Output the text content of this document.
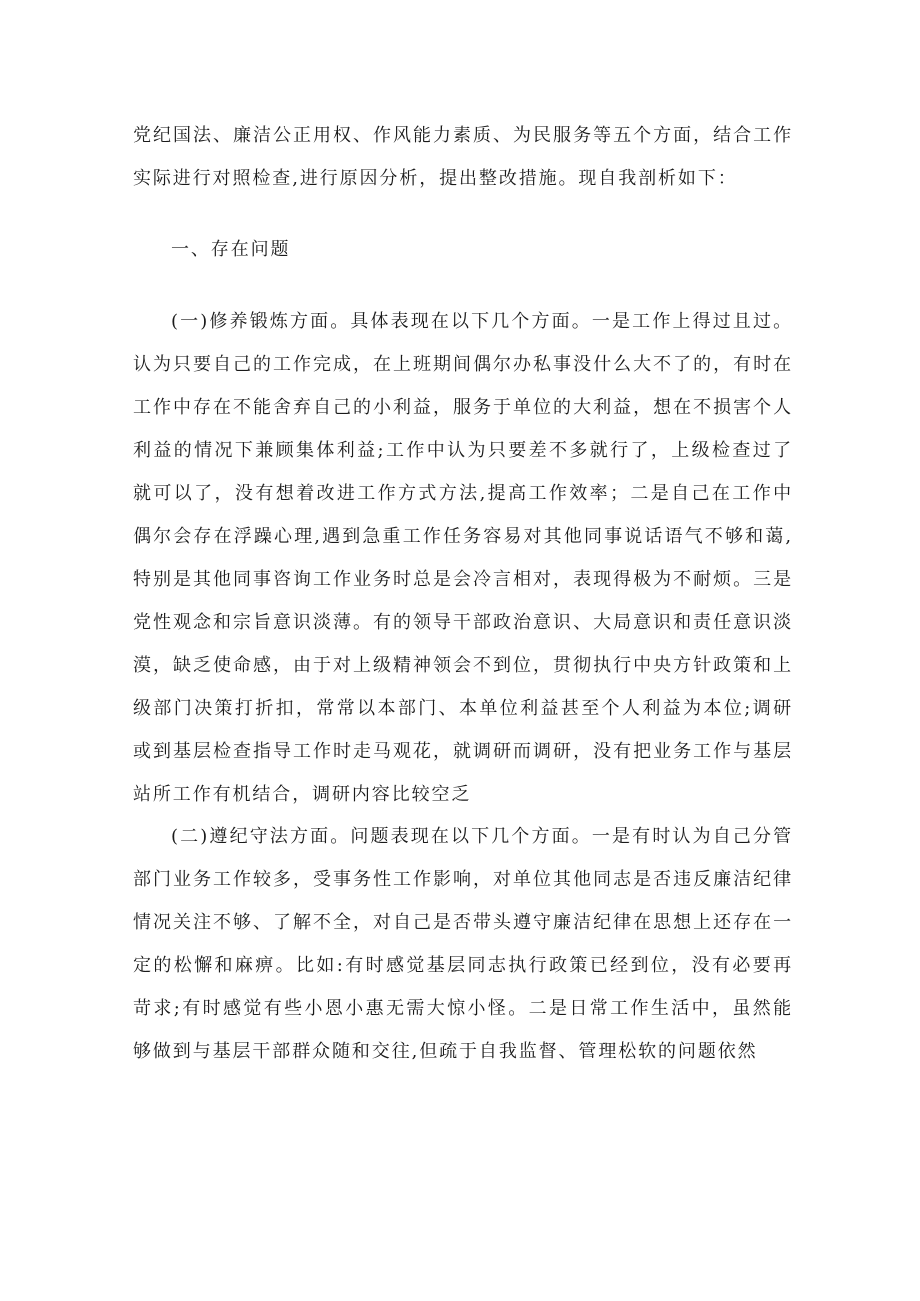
党纪国法、廉洁公正用权、作风能力素质、为民服务等五个方面，结合工作实际进行对照检查,进行原因分析，提出整改措施。现自我剖析如下：

一、存在问题

(一)修养锻炼方面。具体表现在以下几个方面。一是工作上得过且过。认为只要自己的工作完成，在上班期间偶尔办私事没什么大不了的，有时在工作中存在不能舍弃自己的小利益，服务于单位的大利益，想在不损害个人利益的情况下兼顾集体利益;工作中认为只要差不多就行了，上级检查过了就可以了，没有想着改进工作方式方法,提高工作效率；二是自己在工作中偶尔会存在浮躁心理,遇到急重工作任务容易对其他同事说话语气不够和蔼,特别是其他同事咨询工作业务时总是会冷言相对，表现得极为不耐烦。三是党性观念和宗旨意识淡薄。有的领导干部政治意识、大局意识和责任意识淡漠，缺乏使命感，由于对上级精神领会不到位，贯彻执行中央方针政策和上级部门决策打折扣，常常以本部门、本单位利益甚至个人利益为本位;调研或到基层检查指导工作时走马观花，就调研而调研，没有把业务工作与基层站所工作有机结合，调研内容比较空乏

(二)遵纪守法方面。问题表现在以下几个方面。一是有时认为自己分管部门业务工作较多，受事务性工作影响，对单位其他同志是否违反廉洁纪律情况关注不够、了解不全，对自己是否带头遵守廉洁纪律在思想上还存在一定的松懈和麻痹。比如:有时感觉基层同志执行政策已经到位，没有必要再苛求;有时感觉有些小恩小惠无需大惊小怪。二是日常工作生活中，虽然能够做到与基层干部群众随和交往,但疏于自我监督、管理松软的问题依然
